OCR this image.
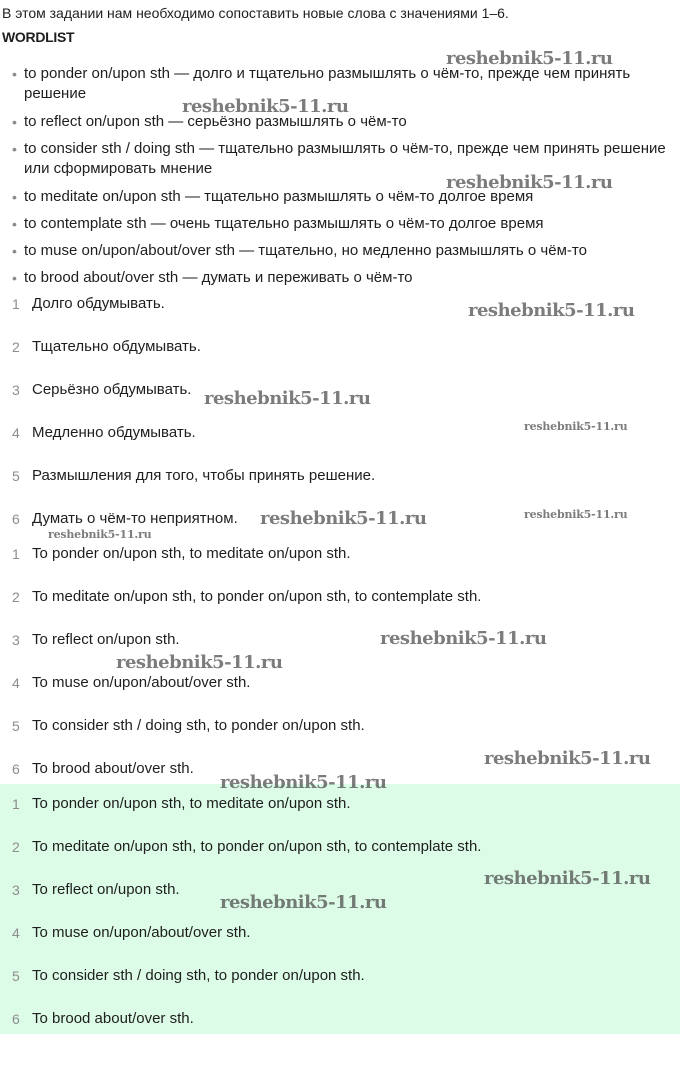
В этом задании нам необходимо сопоставить новые слова с значениями 1–6.
WORDLIST
• to ponder on/upon sth — долго и тщательно размышлять о чём-то, прежде чем принять решение
• to reflect on/upon sth — серьёзно размышлять о чём-то
• to consider sth / doing sth — тщательно размышлять о чём-то, прежде чем принять решение или сформировать мнение
• to meditate on/upon sth — тщательно размышлять о чём-то долгое время
• to contemplate sth — очень тщательно размышлять о чём-то долгое время
• to muse on/upon/about/over sth — тщательно, но медленно размышлять о чём-то
• to brood about/over sth — думать и переживать о чём-то
1 Долго обдумывать.
2 Тщательно обдумывать.
3 Серьёзно обдумывать.
4 Медленно обдумывать.
5 Размышления для того, чтобы принять решение.
6 Думать о чём-то неприятном.
1 To ponder on/upon sth, to meditate on/upon sth.
2 To meditate on/upon sth, to ponder on/upon sth, to contemplate sth.
3 To reflect on/upon sth.
4 To muse on/upon/about/over sth.
5 To consider sth / doing sth, to ponder on/upon sth.
6 To brood about/over sth.
1 To ponder on/upon sth, to meditate on/upon sth.
2 To meditate on/upon sth, to ponder on/upon sth, to contemplate sth.
3 To reflect on/upon sth.
4 To muse on/upon/about/over sth.
5 To consider sth / doing sth, to ponder on/upon sth.
6 To brood about/over sth.
reshebnik5-11.ru
reshebnik5-11.ru
reshebnik5-11.ru
reshebnik5-11.ru
reshebnik5-11.ru
reshebnik5-11.ru
reshebnik5-11.ru	reshebnik5-11.ru
reshebnik5-11.ru
reshebnik5-11.ru
reshebnik5-11.ru
reshebnik5-11.ru
reshebnik5-11.ru
reshebnik5-11.ru
reshebnik5-11.ru
